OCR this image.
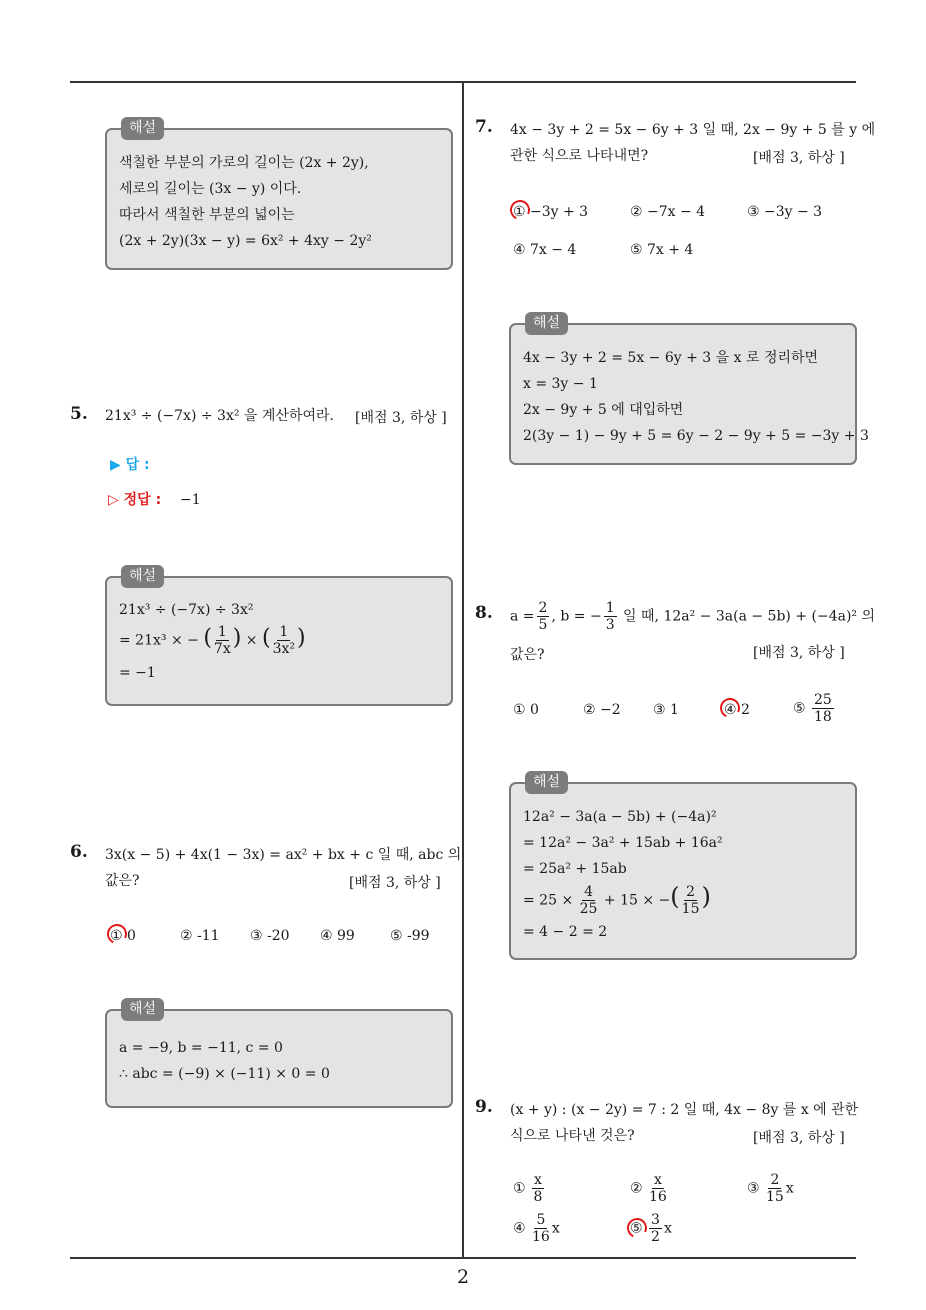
해설
색칠한 부분의 가로의 길이는 (2x + 2y),
세로의 길이는 (3x − y) 이다.
따라서 색칠한 부분의 넓이는
(2x + 2y)(3x − y) = 6x² + 4xy − 2y²
5. 21x³ ÷ (−7x) ÷ 3x² 을 계산하여라. [배점 3, 하상 ]
▶ 답 :
▷ 정답 : −1
해설
21x³ ÷ (−7x) ÷ 3x²
= 21x³ × − ( $\frac{1}{7x}$ ) × ( $\frac{1}{\text{3x²}}$ )
= −1
6. 3x(x − 5) + 4x(1 − 3x) = ax² + bx + c 일 때, abc 의
값은?	[배점 3, 하상 ]
① 0	② -11 ③ -20 ④ 99	⑤ -99
해설
a = −9, b = −11, c = 0
∴ abc = (−9) × (−11) × 0 = 0
7. 4x − 3y + 2 = 5x − 6y + 3 일 때, 2x − 9y + 5 를 y 에
관한 식으로 나타내면?	[배점 3, 하상 ]
① −3y + 3	② −7x − 4	③ −3y − 3
④ 7x − 4	⑤ 7x + 4
해설
4x − 3y + 2 = 5x − 6y + 3 을 x 로 정리하면
x = 3y − 1
2x − 9y + 5 에 대입하면
2(3y − 1) − 9y + 5 = 6y − 2 − 9y + 5 = −3y + 3
8. $a = \frac{2}{5}$ , b = − $\frac{1}{3}$ 일 때, 12a² − 3a(a − 5b) + (−4a)² 의
값은?	[배점 3, 하상 ]
① 0	② −2 ③ 1	④ 2	⑤ $\frac{25}{18}$
해설
12a² − 3a(a − 5b) + (−4a)²
= 12a² − 3a² + 15ab + 16a²
= 25a² + 15ab
= $25 \times \frac{4}{25} + 15$ × −( $\frac{2}{15}$ )
= 4 − 2 = 2
9. (x + y) : (x − 2y) = 7 : 2 일 때, 4x − 8y 를 x 에 관한
식으로 나타낸 것은?	[배점 3, 하상 ]
① $\frac{x}{8}$	② $\frac{x}{16}$	③ $\frac{2}{15}$ x
④ $\frac{5}{16}$ x	⑤ $\frac{3}{2}$ x
2
